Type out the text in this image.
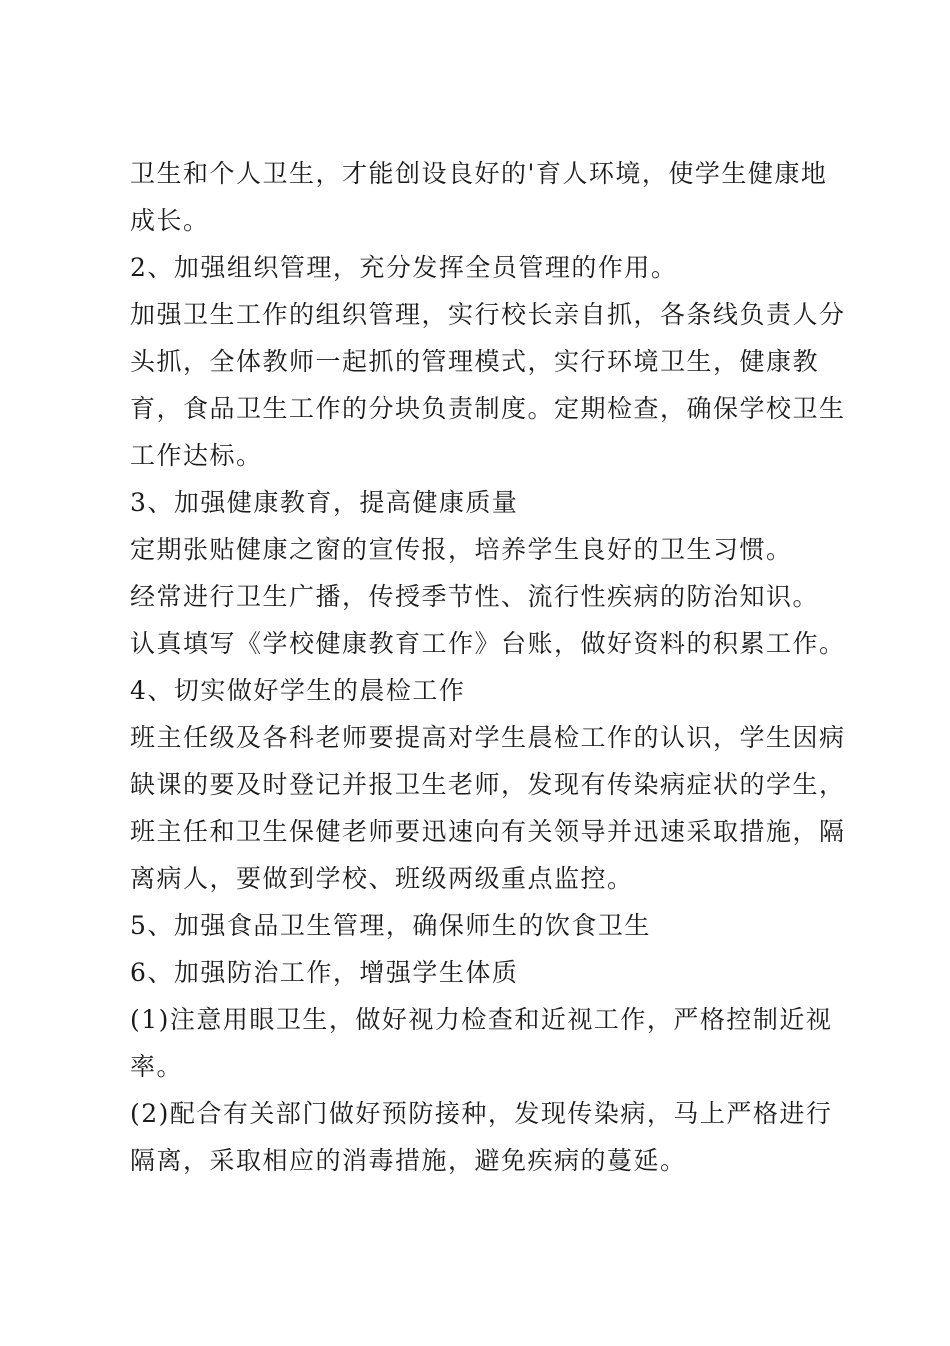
卫生和个人卫生，才能创设良好的'育人环境，使学生健康地
成长。
2、加强组织管理，充分发挥全员管理的作用。
加强卫生工作的组织管理，实行校长亲自抓，各条线负责人分
头抓，全体教师一起抓的管理模式，实行环境卫生，健康教
育，食品卫生工作的分块负责制度。定期检查，确保学校卫生
工作达标。
3、加强健康教育，提高健康质量
定期张贴健康之窗的宣传报，培养学生良好的卫生习惯。
经常进行卫生广播，传授季节性、流行性疾病的防治知识。
认真填写《学校健康教育工作》台账，做好资料的积累工作。
4、切实做好学生的晨检工作
班主任级及各科老师要提高对学生晨检工作的认识，学生因病
缺课的要及时登记并报卫生老师，发现有传染病症状的学生，
班主任和卫生保健老师要迅速向有关领导并迅速采取措施，隔
离病人，要做到学校、班级两级重点监控。
5、加强食品卫生管理，确保师生的饮食卫生
6、加强防治工作，增强学生体质
(1)注意用眼卫生，做好视力检查和近视工作，严格控制近视
率。
(2)配合有关部门做好预防接种，发现传染病，马上严格进行
隔离，采取相应的消毒措施，避免疾病的蔓延。
